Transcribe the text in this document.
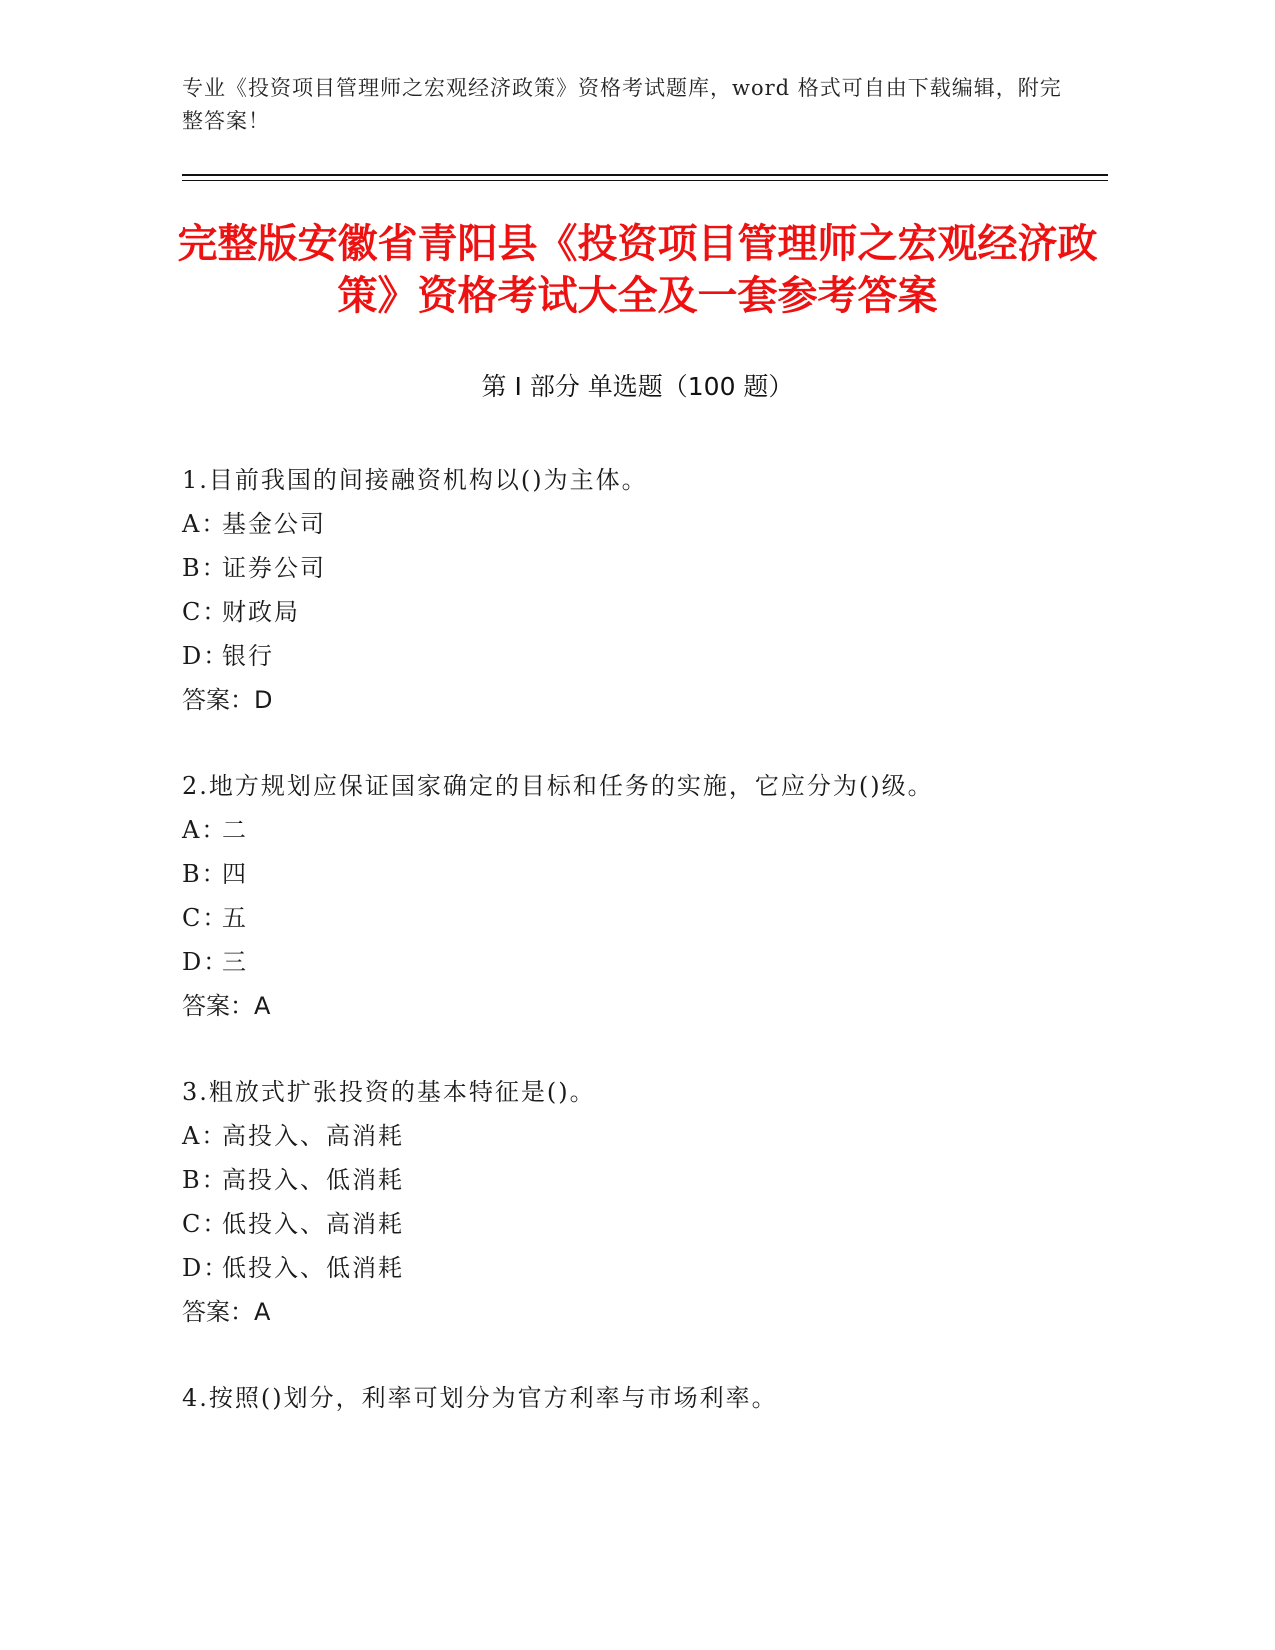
专业《投资项目管理师之宏观经济政策》资格考试题库，word 格式可自由下载编辑，附完整答案！
完整版安徽省青阳县《投资项目管理师之宏观经济政策》资格考试大全及一套参考答案
第 I 部分 单选题（100 题）
1.目前我国的间接融资机构以()为主体。
A：基金公司
B：证券公司
C：财政局
D：银行
答案：D
2.地方规划应保证国家确定的目标和任务的实施，它应分为()级。
A：二
B：四
C：五
D：三
答案：A
3.粗放式扩张投资的基本特征是()。
A：高投入、高消耗
B：高投入、低消耗
C：低投入、高消耗
D：低投入、低消耗
答案：A
4.按照()划分，利率可划分为官方利率与市场利率。
